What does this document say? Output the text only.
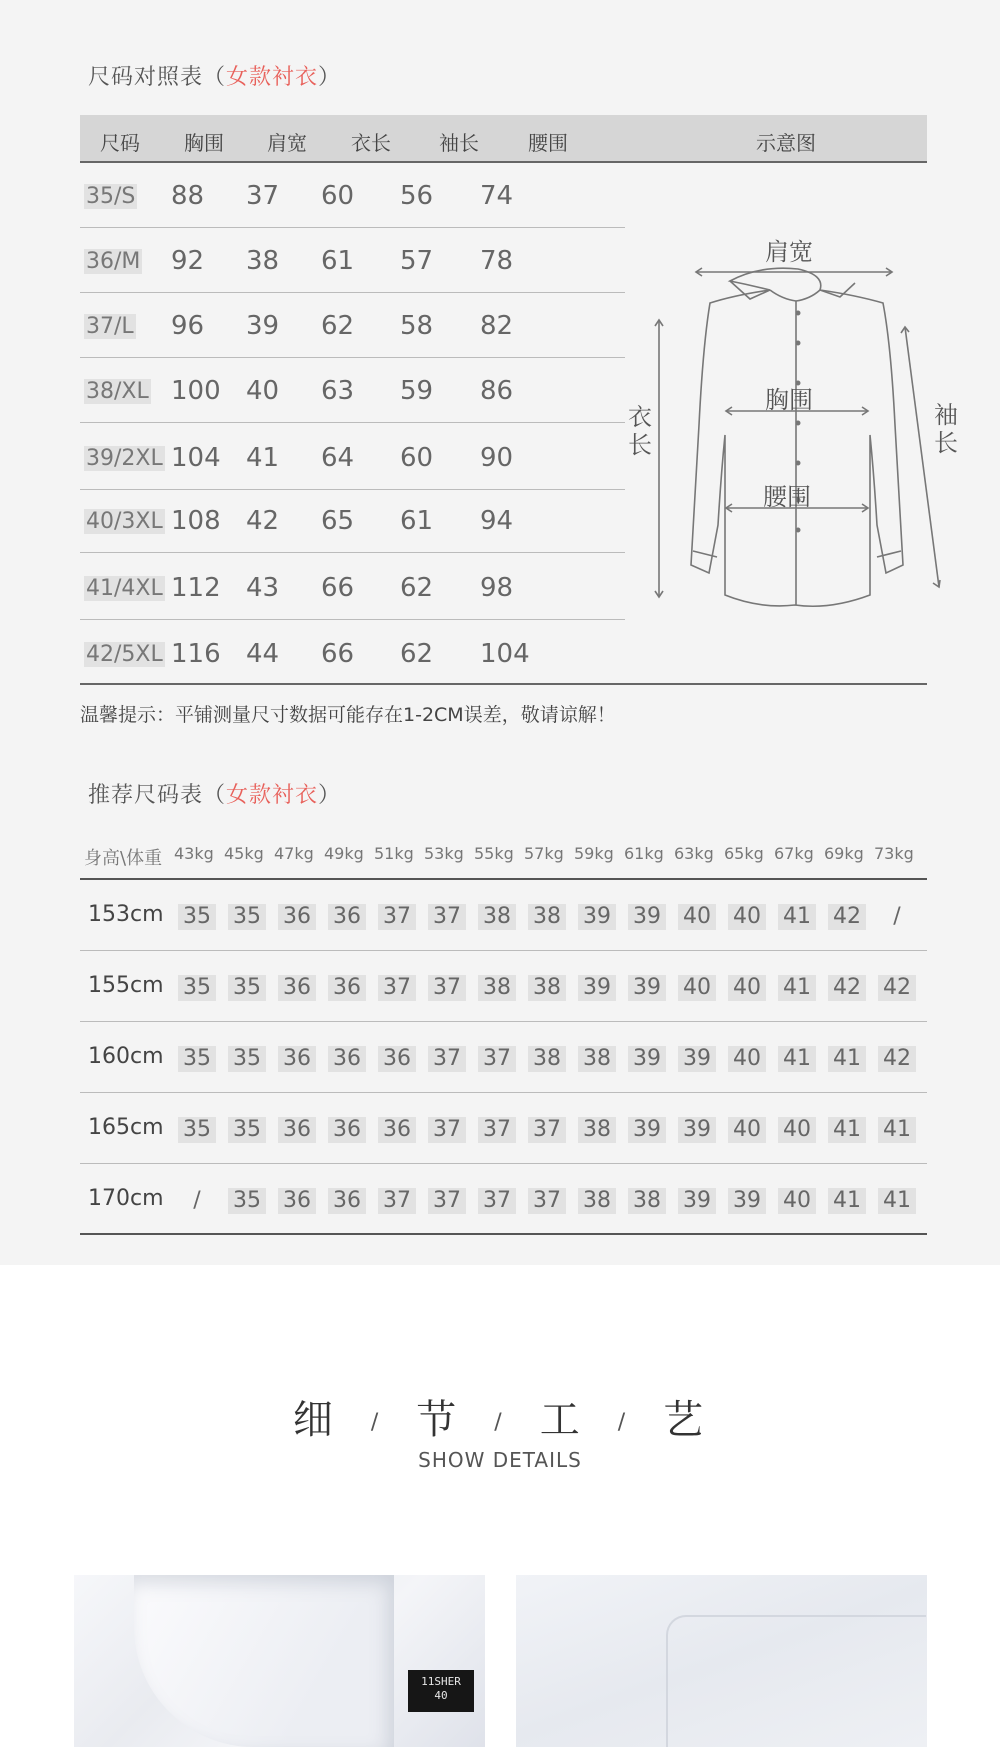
尺码对照表（女款衬衣）
尺码 胸围 肩宽 衣长 袖长 腰围	示意图
35/S 88 37 60 56 74
36/M 92 38 61 57 78
37/L 96 39 62 58 82
38/XL 100 40 63 59 86
39/2XL 104 41 64 60 90
40/3XL 108 42 65 61 94
41/4XL 112 43 66 62 98
42/5XL 116 44 66 62 104
肩宽
胸围
腰围
衣
长
袖
长
温馨提示：平铺测量尺寸数据可能存在1-2CM误差，敬请谅解！
推荐尺码表（女款衬衣）
身高\体重 43kg 45kg 47kg 49kg 51kg 53kg 55kg 57kg 59kg 61kg 63kg 65kg 67kg 69kg 73kg
153cm 35 35 36 36 37 37 38 38 39 39 40 40 41 42	/
155cm 35 35 36 36 37 37 38 38 39 39 40 40 41 42 42
160cm 35 35 36 36 36 37 37 38 38 39 39 40 41 41 42
165cm 35 35 36 36 36 37 37 37 38 39 39 40 40 41 41
170cm	/	35 36 36 37 37 37 37 38 38 39 39 40 41 41
细 / 节 / 工 / 艺
SHOW DETAILS
11SHER
40
